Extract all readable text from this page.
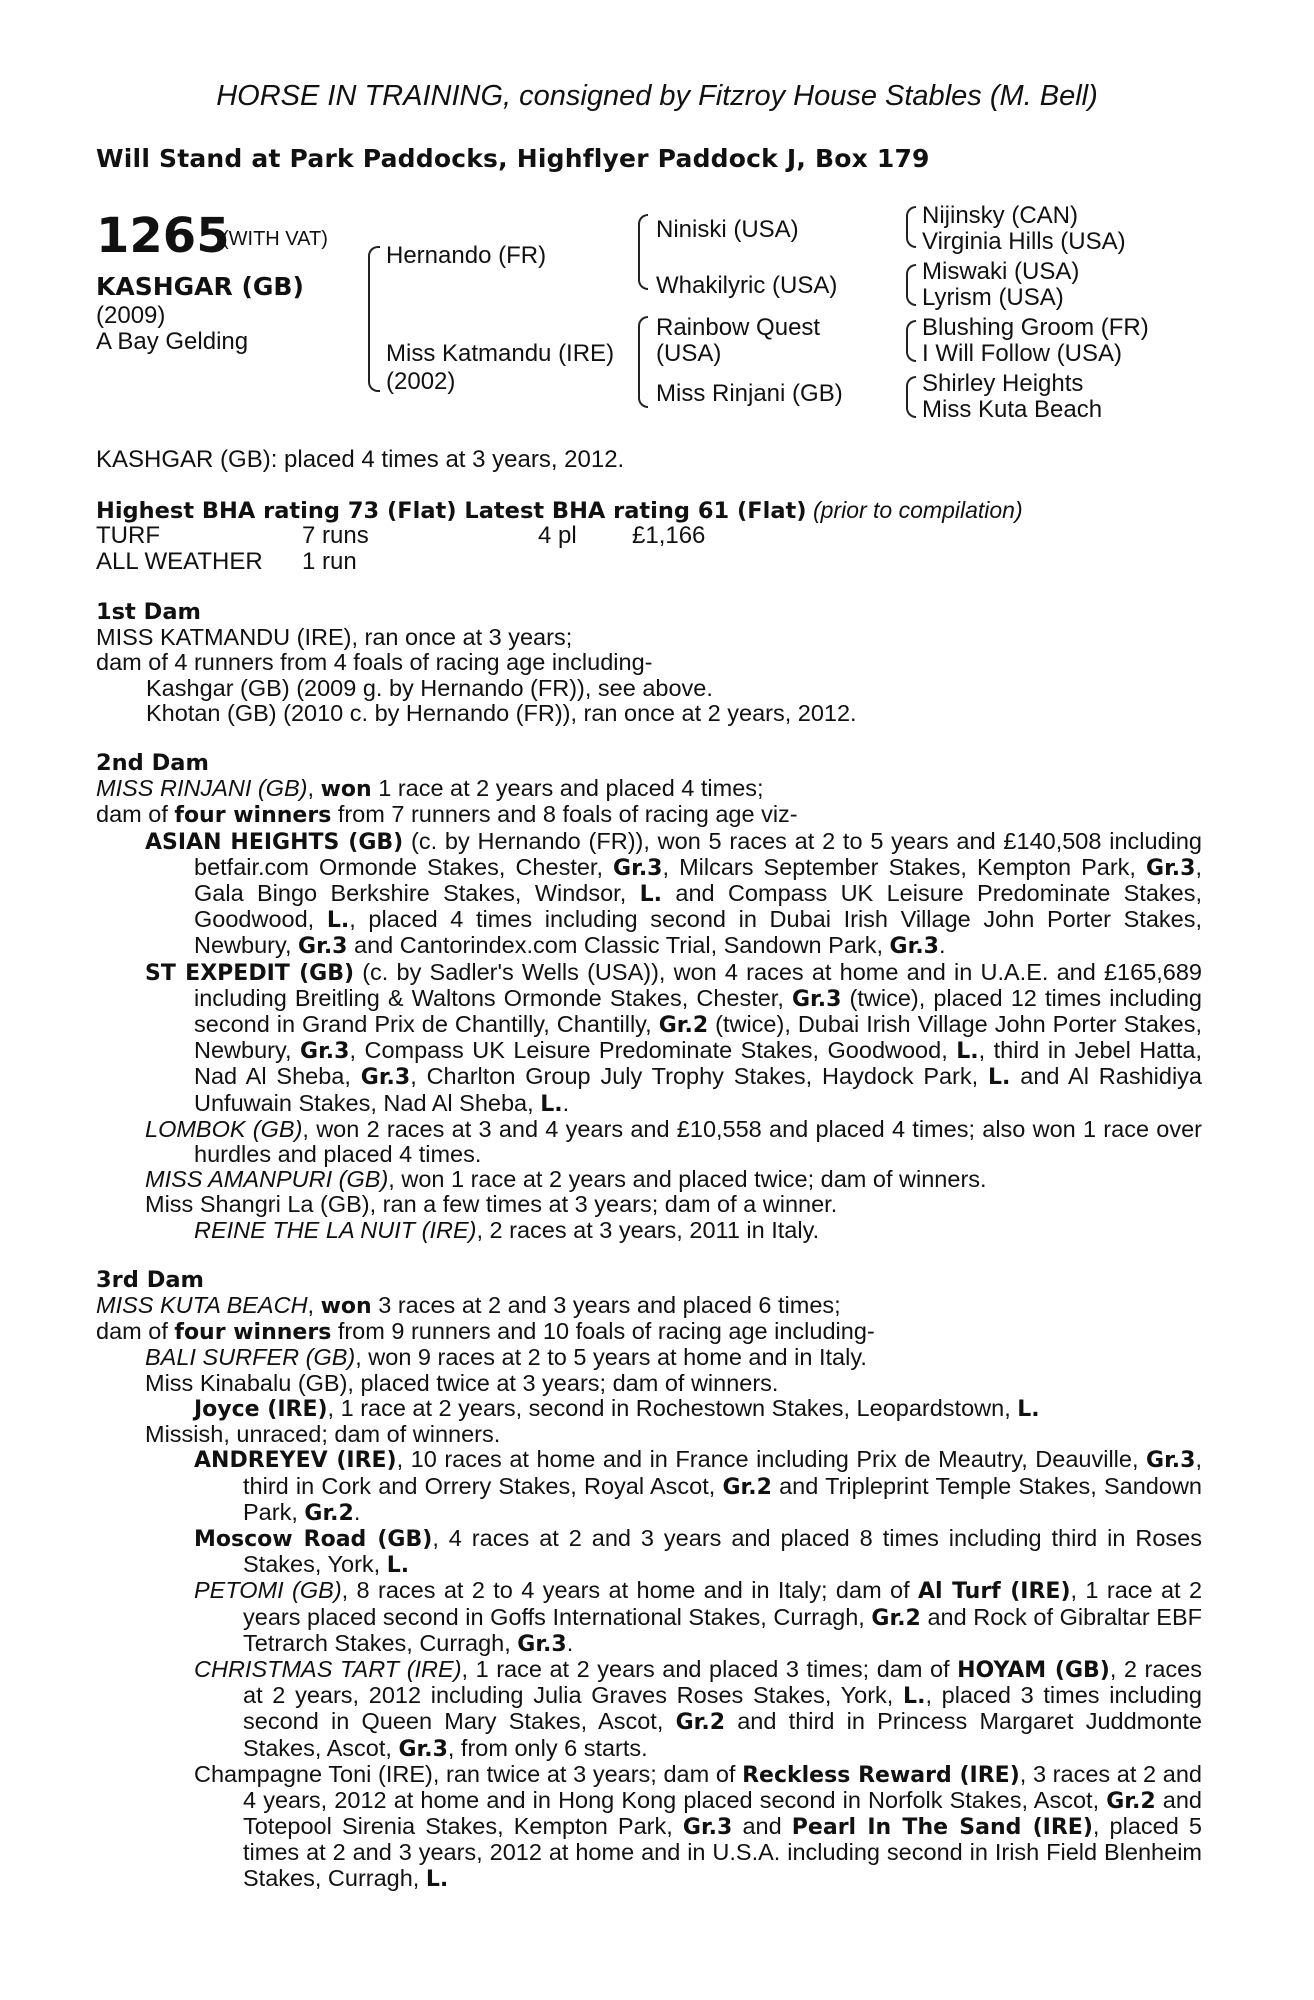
HORSE IN TRAINING, consigned by Fitzroy House Stables (M. Bell)
Will Stand at Park Paddocks, Highflyer Paddock J, Box 179
1265
(WITH VAT)
KASHGAR (GB)
(2009)
A Bay Gelding
Hernando (FR)
Miss Katmandu (IRE)
(2002)
Niniski (USA)
Whakilyric (USA)
Rainbow Quest
(USA)
Miss Rinjani (GB)
Nijinsky (CAN)
Virginia Hills (USA)
Miswaki (USA)
Lyrism (USA)
Blushing Groom (FR)
I Will Follow (USA)
Shirley Heights
Miss Kuta Beach
KASHGAR (GB): placed 4 times at 3 years, 2012.
Highest BHA rating 73 (Flat) Latest BHA rating 61 (Flat) (prior to compilation)
TURF	7 runs	4 pl £1,166
ALL WEATHER 1 run
1st Dam
MISS KATMANDU (IRE), ran once at 3 years;
dam of 4 runners from 4 foals of racing age including-
Kashgar (GB) (2009 g. by Hernando (FR)), see above.
Khotan (GB) (2010 c. by Hernando (FR)), ran once at 2 years, 2012.
2nd Dam
MISS RINJANI (GB), won 1 race at 2 years and placed 4 times;
dam of four winners from 7 runners and 8 foals of racing age viz-
ASIAN HEIGHTS (GB) (c. by Hernando (FR)), won 5 races at 2 to 5 years and £140,508 including betfair.com Ormonde Stakes, Chester, Gr.3, Milcars September Stakes, Kempton Park, Gr.3, Gala Bingo Berkshire Stakes, Windsor, L. and Compass UK Leisure Predominate Stakes, Goodwood, L., placed 4 times including second in Dubai Irish Village John Porter Stakes, Newbury, Gr.3 and Cantorindex.com Classic Trial, Sandown Park, Gr.3.
ST EXPEDIT (GB) (c. by Sadler's Wells (USA)), won 4 races at home and in U.A.E. and £165,689 including Breitling & Waltons Ormonde Stakes, Chester, Gr.3 (twice), placed 12 times including second in Grand Prix de Chantilly, Chantilly, Gr.2 (twice), Dubai Irish Village John Porter Stakes, Newbury, Gr.3, Compass UK Leisure Predominate Stakes, Goodwood, L., third in Jebel Hatta, Nad Al Sheba, Gr.3, Charlton Group July Trophy Stakes, Haydock Park, L. and Al Rashidiya Unfuwain Stakes, Nad Al Sheba, L..
LOMBOK (GB), won 2 races at 3 and 4 years and £10,558 and placed 4 times; also won 1 race over hurdles and placed 4 times.
MISS AMANPURI (GB), won 1 race at 2 years and placed twice; dam of winners.
Miss Shangri La (GB), ran a few times at 3 years; dam of a winner.
REINE THE LA NUIT (IRE), 2 races at 3 years, 2011 in Italy.
3rd Dam
MISS KUTA BEACH, won 3 races at 2 and 3 years and placed 6 times;
dam of four winners from 9 runners and 10 foals of racing age including-
BALI SURFER (GB), won 9 races at 2 to 5 years at home and in Italy.
Miss Kinabalu (GB), placed twice at 3 years; dam of winners.
Joyce (IRE), 1 race at 2 years, second in Rochestown Stakes, Leopardstown, L.
Missish, unraced; dam of winners.
ANDREYEV (IRE), 10 races at home and in France including Prix de Meautry, Deauville, Gr.3, third in Cork and Orrery Stakes, Royal Ascot, Gr.2 and Tripleprint Temple Stakes, Sandown Park, Gr.2.
Moscow Road (GB), 4 races at 2 and 3 years and placed 8 times including third in Roses Stakes, York, L.
PETOMI (GB), 8 races at 2 to 4 years at home and in Italy; dam of Al Turf (IRE), 1 race at 2 years placed second in Goffs International Stakes, Curragh, Gr.2 and Rock of Gibraltar EBF Tetrarch Stakes, Curragh, Gr.3.
CHRISTMAS TART (IRE), 1 race at 2 years and placed 3 times; dam of HOYAM (GB), 2 races at 2 years, 2012 including Julia Graves Roses Stakes, York, L., placed 3 times including second in Queen Mary Stakes, Ascot, Gr.2 and third in Princess Margaret Juddmonte Stakes, Ascot, Gr.3, from only 6 starts.
Champagne Toni (IRE), ran twice at 3 years; dam of Reckless Reward (IRE), 3 races at 2 and 4 years, 2012 at home and in Hong Kong placed second in Norfolk Stakes, Ascot, Gr.2 and Totepool Sirenia Stakes, Kempton Park, Gr.3 and Pearl In The Sand (IRE), placed 5 times at 2 and 3 years, 2012 at home and in U.S.A. including second in Irish Field Blenheim Stakes, Curragh, L.
